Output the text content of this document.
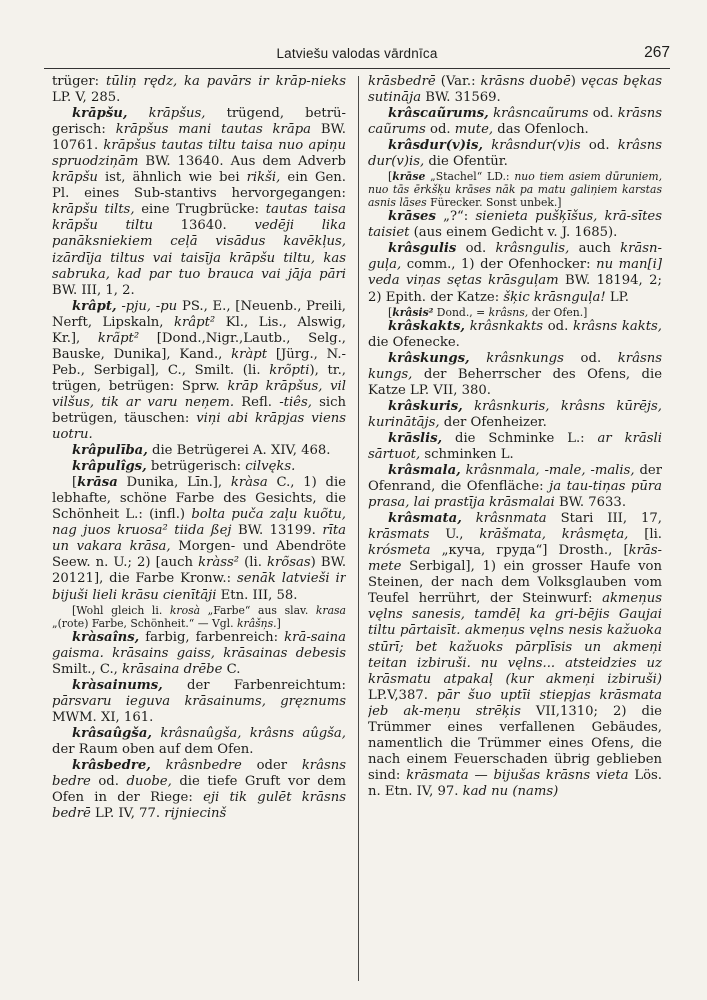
Latviešu valodas vārdnīca	267

trüger: tūliņ rędz, ka pavārs ir krāp-nieks LP. V, 285.

krāpšu, krāpšus, trügend, betrü-gerisch: krāpšus mani tautas krāpa BW. 10761. krāpšus tautas tiltu taisa nuo apiņu spruodziņām BW. 13640. Aus dem Adverb krāpšu ist, ähnlich wie bei rikši, ein Gen. Pl. eines Sub-stantivs hervorgegangen: krāpšu tilts, eine Trugbrücke: tautas taisa krāpšu tiltu 13640. vedēji lika panāksniekiem ceļā visādus kavēkļus, izārdīja tiltus vai taisīja krāpšu tiltu, kas sabruka, kad par tuo brauca vai jāja pāri BW. III, 1, 2.

krâpt, -pju, -pu PS., E., [Neuenb., Preili, Nerft, Lipskaln, krâpt² Kl., Lis., Alswig, Kr.], krãpt² [Dond.,Nigr.,Lautb., Selg., Bauske, Dunika], Kand., kràpt [Jürg., N.-Peb., Serbigal], C., Smilt. (li. krõpti), tr., trügen, betrügen: Sprw. krāp krāpšus, vil vilšus, tik ar varu neņem. Refl. -tiês, sich betrügen, täuschen: viņi abi krāpjas viens uotru.

krâpulība, die Betrügerei A. XIV, 468.

krâpulîgs, betrügerisch: cilvęks.

[krāsa Dunika, Līn.], kràsa C., 1) die lebhafte, schöne Farbe des Gesichts, die Schönheit L.: (infl.) bolta puča zaļu kuõtu, nag juos kruosa² tiida ßej BW. 13199. rīta un vakara krāsa, Morgen- und Abendröte Seew. n. U.; 2) [auch kràss² (li. krõsas) BW. 20121], die Farbe Kronw.: senāk latvieši ir bijuši lieli krāsu cienītāji Etn. III, 58.

[Wohl gleich li. krosà „Farbe“ aus slav. krasa „(rote) Farbe, Schönheit.“ — Vgl. krâšņs.]

kràsaîns, farbig, farbenreich: krā-saina gaisma. krāsains gaiss, krāsainas debesis Smilt., C., krāsaina drēbe C.

kràsainums, der Farbenreichtum: pārsvaru ieguva krāsainums, gręznums MWM. XI, 161.

krâsaûgša, krâsnaûgša, krâsns aûgša, der Raum oben auf dem Ofen.

krâsbedre, krâsnbedre oder krâsns bedre od. duobe, die tiefe Gruft vor dem Ofen in der Riege: eji tik gulēt krāsns bedrē LP. IV, 77. rijniecinš

krāsbedrē (Var.: krāsns duobē) vęcas bękas sutināja BW. 31569.

krâscaũrums, krâsncaũrums od. krāsns caũrums od. mute, das Ofenloch.

krâsdur(v)is, krâsndur(v)is od. krâsns dur(v)is, die Ofentür.

[krāse „Stachel“ LD.: nuo tiem asiem dūruniem, nuo tās ērkšķu krāses nāk pa matu galiņiem karstas asnis lāses Fürecker. Sonst unbek.]

krāses „?“: sienieta pušķīšus, krā-sītes taisiet (aus einem Gedicht v. J. 1685).

krâsgulis od. krâsngulis, auch krāsn-guļa, comm., 1) der Ofenhocker: nu man[i] veda viņas sętas krāsguļam BW. 18194, 2; 2) Epith. der Katze: šķic krāsnguļa! LP.

[krâsis² Dond., = krâsns, der Ofen.]

krâskakts, krâsnkakts od. krâsns kakts, die Ofenecke.

krâskungs, krâsnkungs od. krâsns kungs, der Beherrscher des Ofens, die Katze LP. VII, 380.

krâskuris, krâsnkuris, krâsns kūrējs, kurinātājs, der Ofenheizer.

krāslis, die Schminke L.: ar krāsli sārtuot, schminken L.

krâsmala, krâsnmala, -male, -malis, der Ofenrand, die Ofenfläche: ja tau-tiņas pūra prasa, lai prastīja krāsmalai BW. 7633.

krâsmata, krâsnmata Stari III, 17, krāsmats U., krāšmata, krâsmęta, [li. krósmeta „куча, груда“] Drosth., [krās-mete Serbigal], 1) ein grosser Haufe von Steinen, der nach dem Volksglauben vom Teufel herrührt, der Steinwurf: akmeņus vęlns sanesis, tamdēļ ka gri-bējis Gaujai tiltu pārtaisīt. akmeņus vęlns nesis kažuoka stūrī; bet kažuoks pārplīsis un akmeņi teitan izbiruši. nu vęlns... atsteidzies uz krāsmatu atpakaļ (kur akmeņi izbiruši) LP.V,387. pār šuo uptīi stiepjas krāsmata jeb ak-meņu strēķis VII,1310; 2) die Trümmer eines verfallenen Gebäudes, namentlich die Trümmer eines Ofens, die nach einem Feuerschaden übrig geblieben sind: krāsmata — bijušas krāsns vieta Lös. n. Etn. IV, 97. kad nu (nams)
